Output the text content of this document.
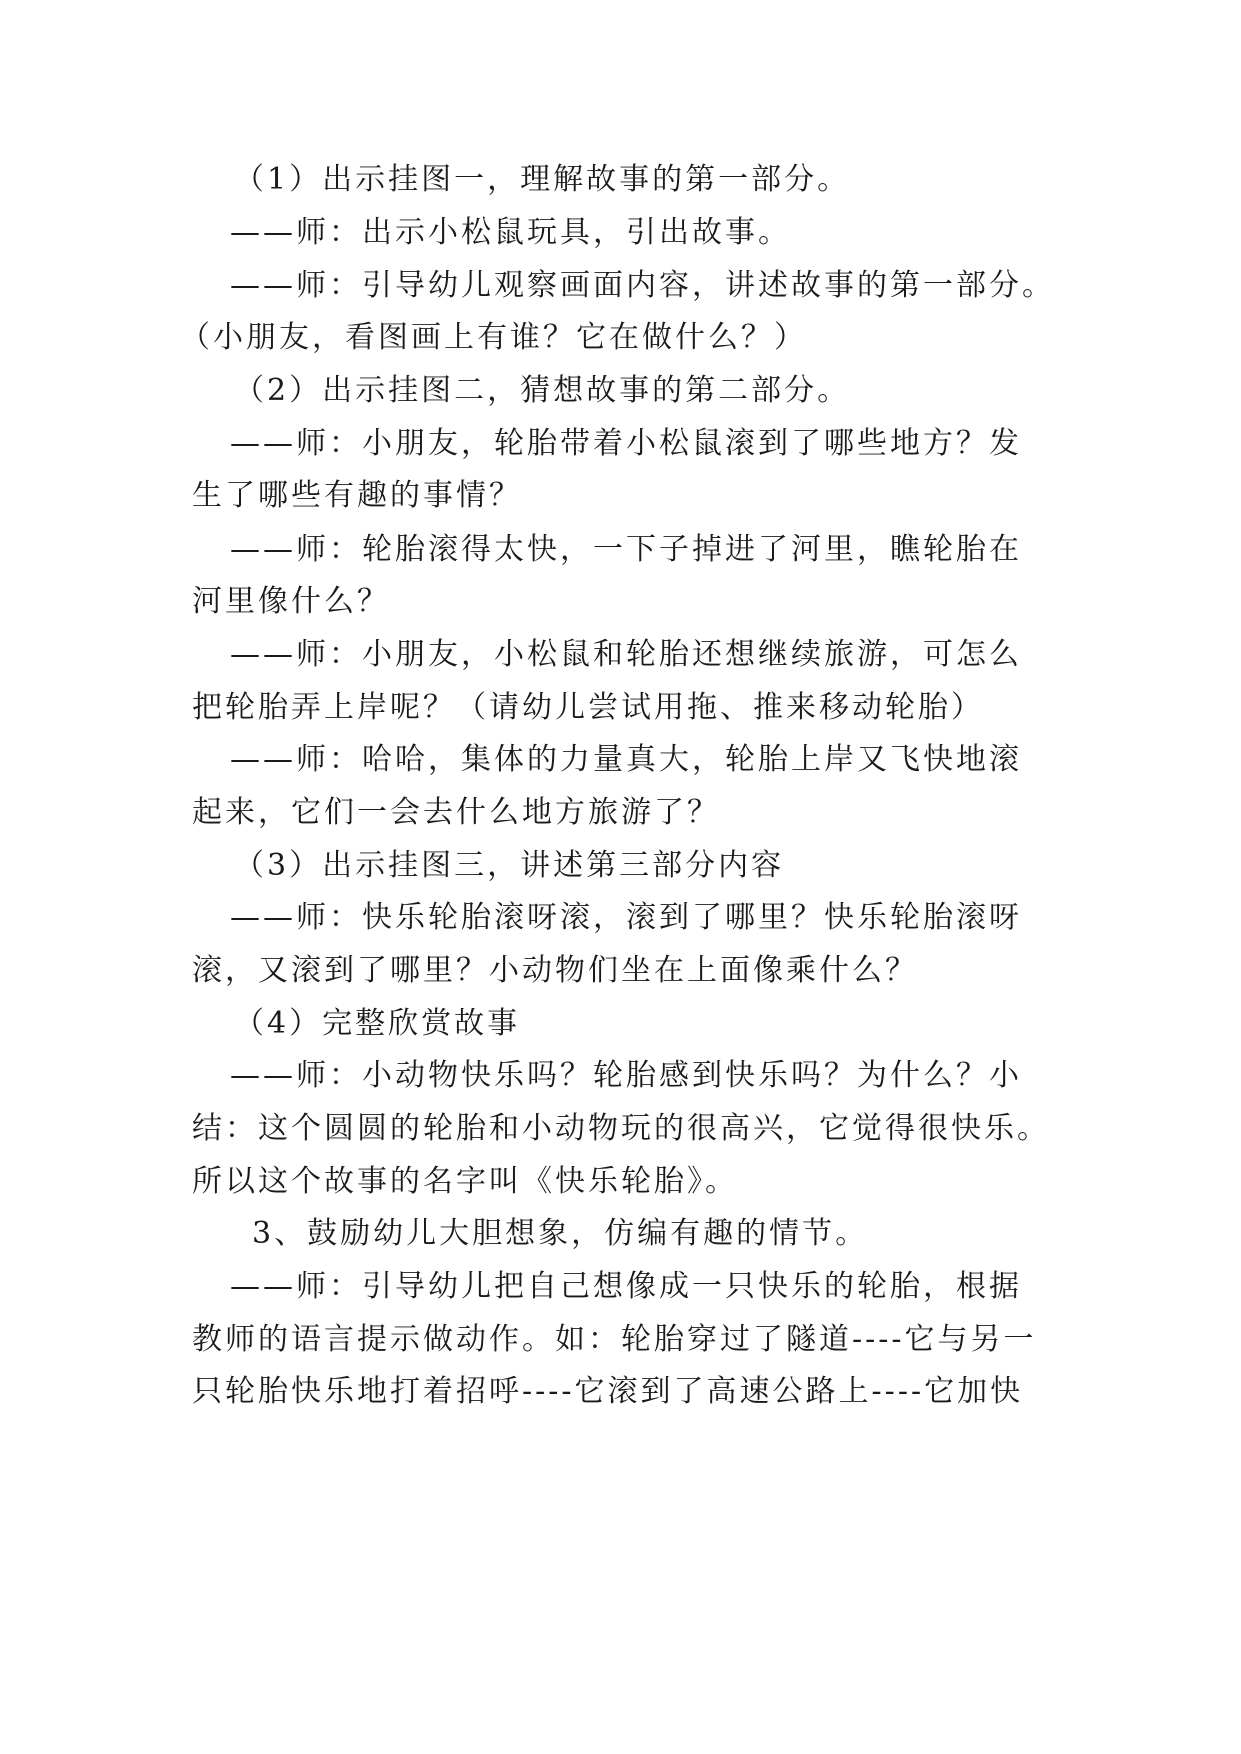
（1）出示挂图一，理解故事的第一部分。
——师：出示小松鼠玩具，引出故事。
——师：引导幼儿观察画面内容，讲述故事的第一部分。
（小朋友，看图画上有谁？它在做什么？）
（2）出示挂图二，猜想故事的第二部分。
——师：小朋友，轮胎带着小松鼠滚到了哪些地方？发
生了哪些有趣的事情？
——师：轮胎滚得太快，一下子掉进了河里，瞧轮胎在
河里像什么？
——师：小朋友，小松鼠和轮胎还想继续旅游，可怎么
把轮胎弄上岸呢？（请幼儿尝试用拖、推来移动轮胎）
——师：哈哈，集体的力量真大，轮胎上岸又飞快地滚
起来，它们一会去什么地方旅游了？
（3）出示挂图三，讲述第三部分内容
——师：快乐轮胎滚呀滚，滚到了哪里？快乐轮胎滚呀
滚，又滚到了哪里？小动物们坐在上面像乘什么？
（4）完整欣赏故事
——师：小动物快乐吗？轮胎感到快乐吗？为什么？小
结：这个圆圆的轮胎和小动物玩的很高兴，它觉得很快乐。
所以这个故事的名字叫《快乐轮胎》。
3、鼓励幼儿大胆想象，仿编有趣的情节。
——师：引导幼儿把自己想像成一只快乐的轮胎，根据
教师的语言提示做动作。如：轮胎穿过了隧道----它与另一
只轮胎快乐地打着招呼----它滚到了高速公路上----它加快
